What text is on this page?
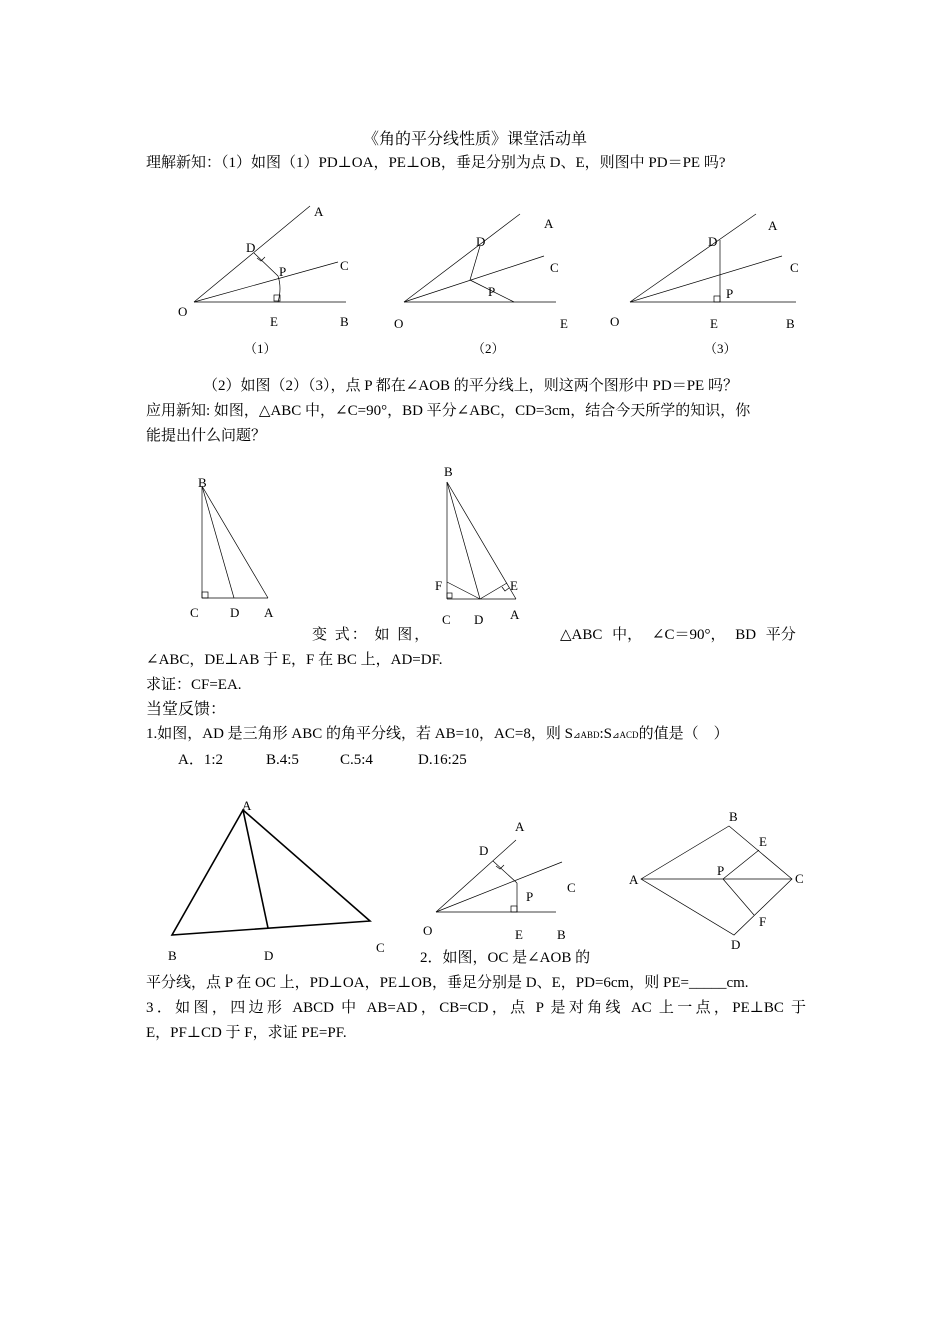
《角的平分线性质》课堂活动单
理解新知：（1）如图（1）PD⊥OA，PE⊥OB，垂足分别为点 D、E，则图中 PD＝PE 吗?
O
A
D
P	C
E	B
（1）
O
A
D
P
C
E
（2）
O
A
D
P
C
E	B
（3）
（2）如图（2）（3），点 P 都在∠AOB 的平分线上，则这两个图形中 PD＝PE 吗？
应用新知: 如图，△ABC 中，∠C=90°，BD 平分∠ABC，CD=3cm，结合今天所学的知识，你
能提出什么问题？
B
C D A
B
F	E
C D A
变 式： 如 图，	△ABC 中， ∠C＝90°， BD 平分
∠ABC，DE⊥AB 于 E，F 在 BC 上，AD=DF.
求证：CF=EA.
当堂反馈：
1.如图，AD 是三角形 ABC 的角平分线，若 AB=10，AC=8，则 S⊿ABD:S⊿ACD的值是（　）
A．1:2	B.4:5	C.5:4	D.16:25
A
B	D
C
A
D
P
C
O	E	B
B
E
A
P
C
F
D
2．如图，OC 是∠AOB 的
平分线，点 P 在 OC 上，PD⊥OA，PE⊥OB，垂足分别是 D、E，PD=6cm，则 PE=_____cm.
3．如图，四边形 ABCD 中 AB=AD，CB=CD，点 P 是对角线 AC 上一点，PE⊥BC 于
E，PF⊥CD 于 F，求证 PE=PF.
